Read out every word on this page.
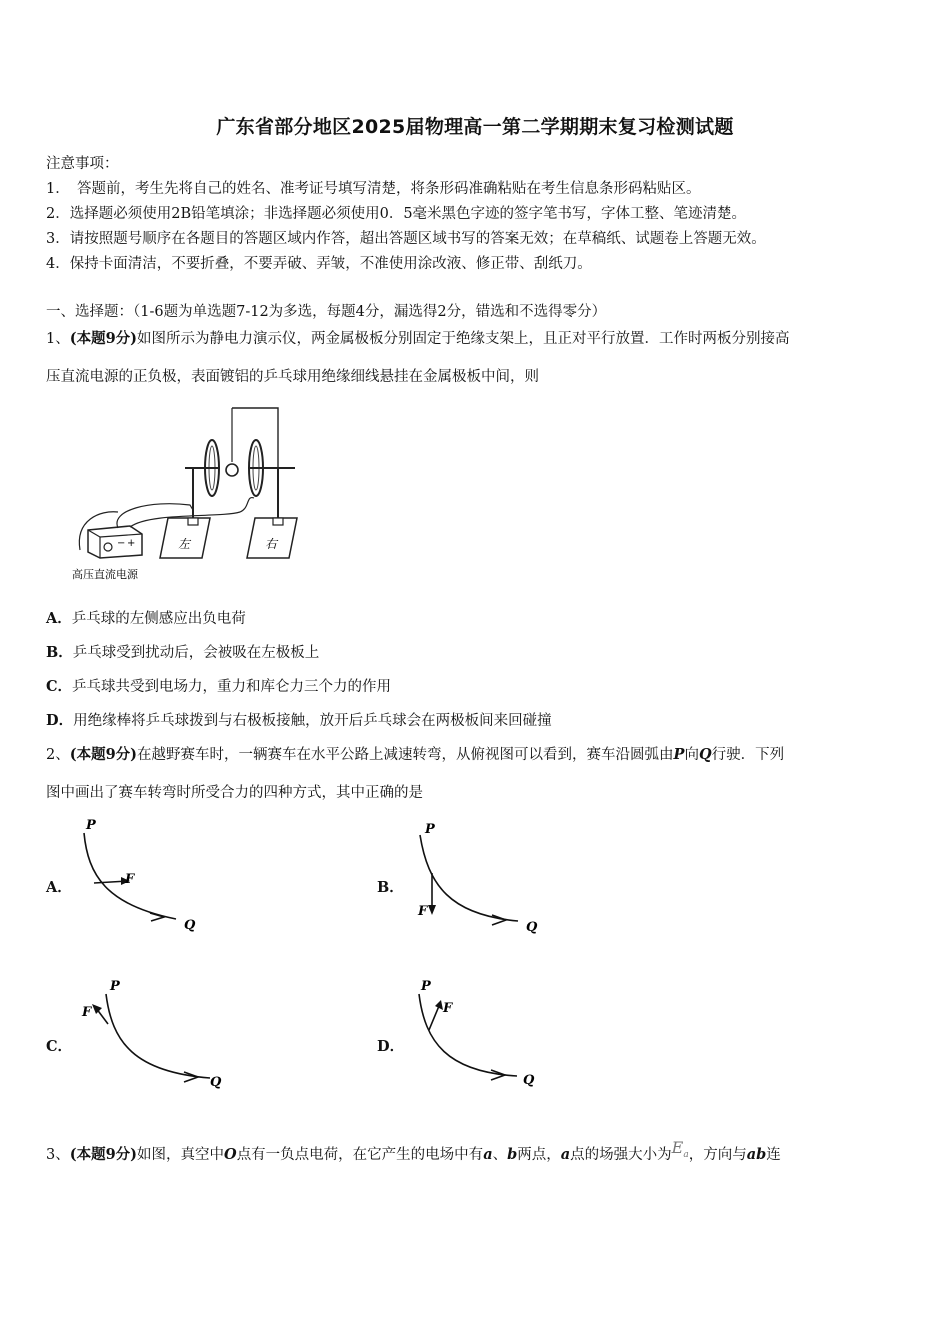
广东省部分地区2025届物理高一第二学期期末复习检测试题
注意事项：
1．　答题前，考生先将自己的姓名、准考证号填写清楚，将条形码准确粘贴在考生信息条形码粘贴区。
2．选择题必须使用2B铅笔填涂；非选择题必须使用0．5毫米黑色字迹的签字笔书写，字体工整、笔迹清楚。
3．请按照题号顺序在各题目的答题区域内作答，超出答题区域书写的答案无效；在草稿纸、试题卷上答题无效。
4．保持卡面清洁，不要折叠，不要弄破、弄皱，不准使用涂改液、修正带、刮纸刀。
一、选择题：（1-6题为单选题7-12为多选，每题4分，漏选得2分，错选和不选得零分）
1、(本题9分)如图所示为静电力演示仪，两金属极板分别固定于绝缘支架上，且正对平行放置．工作时两板分别接高
压直流电源的正负极，表面镀铝的乒乓球用绝缘细线悬挂在金属极板中间，则
左	右
− +
高压直流电源
A．乒乓球的左侧感应出负电荷
B．乒乓球受到扰动后，会被吸在左极板上
C．乒乓球共受到电场力，重力和库仑力三个力的作用
D．用绝缘棒将乒乓球拨到与右极板接触，放开后乒乓球会在两极板间来回碰撞
2、(本题9分)在越野赛车时，一辆赛车在水平公路上减速转弯，从俯视图可以看到，赛车沿圆弧由P向Q行驶．下列
图中画出了赛车转弯时所受合力的四种方式，其中正确的是
A．
P
Q
F	B．
P
Q
F
C．
P
Q
F
D．
P
Q
F
3、(本题9分)如图，真空中O点有一负点电荷，在它产生的电场中有a、b两点，a点的场强大小为$E_a$，方向与ab连
